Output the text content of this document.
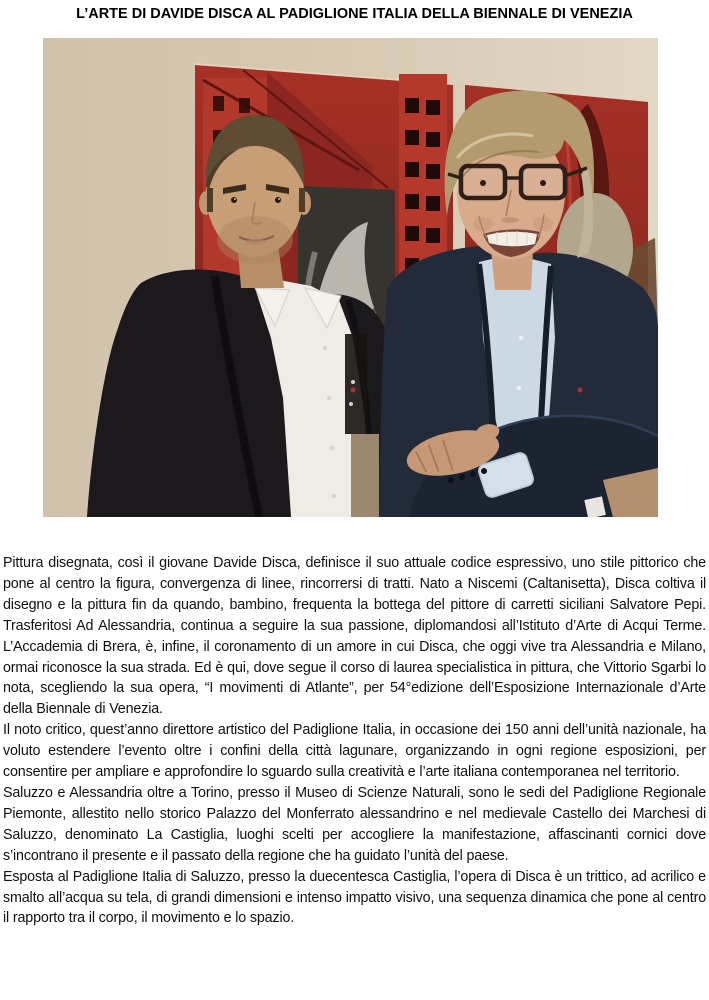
L’ARTE DI DAVIDE DISCA AL PADIGLIONE ITALIA DELLA BIENNALE DI VENEZIA

Pittura disegnata, così il giovane Davide Disca, definisce il suo attuale codice espressivo, uno stile pittorico che pone al centro la figura, convergenza di linee, rincorrersi di tratti. Nato a Niscemi (Caltanisetta), Disca coltiva il disegno e la pittura fin da quando, bambino, frequenta la bottega del pittore di carretti siciliani Salvatore Pepi. Trasferitosi Ad Alessandria, continua a seguire la sua passione, diplomandosi all’Istituto d’Arte di Acqui Terme. L’Accademia di Brera, è, infine, il coronamento di un amore in cui Disca, che oggi vive tra Alessandria e Milano, ormai riconosce la sua strada. Ed è qui, dove segue il corso di laurea specialistica in pittura, che Vittorio Sgarbi lo nota, scegliendo la sua opera, “I movimenti di Atlante”, per 54°edizione dell’Esposizione Internazionale d’Arte della Biennale di Venezia.

Il noto critico, quest’anno direttore artistico del Padiglione Italia, in occasione dei 150 anni dell’unità nazionale, ha voluto estendere l’evento oltre i confini della città lagunare, organizzando in ogni regione esposizioni, per consentire per ampliare e approfondire lo sguardo sulla creatività e l’arte italiana contemporanea nel territorio.

Saluzzo e Alessandria oltre a Torino, presso il Museo di Scienze Naturali, sono le sedi del Padiglione Regionale Piemonte, allestito nello storico Palazzo del Monferrato alessandrino e nel medievale Castello dei Marchesi di Saluzzo, denominato La Castiglia, luoghi scelti per accogliere la manifestazione, affascinanti cornici dove s’incontrano il presente e il passato della regione che ha guidato l’unità del paese.

Esposta al Padiglione Italia di Saluzzo, presso la duecentesca Castiglia, l’opera di Disca è un trittico, ad acrilico e smalto all’acqua su tela, di grandi dimensioni e intenso impatto visivo, una sequenza dinamica che pone al centro il rapporto tra il corpo, il movimento e lo spazio.
